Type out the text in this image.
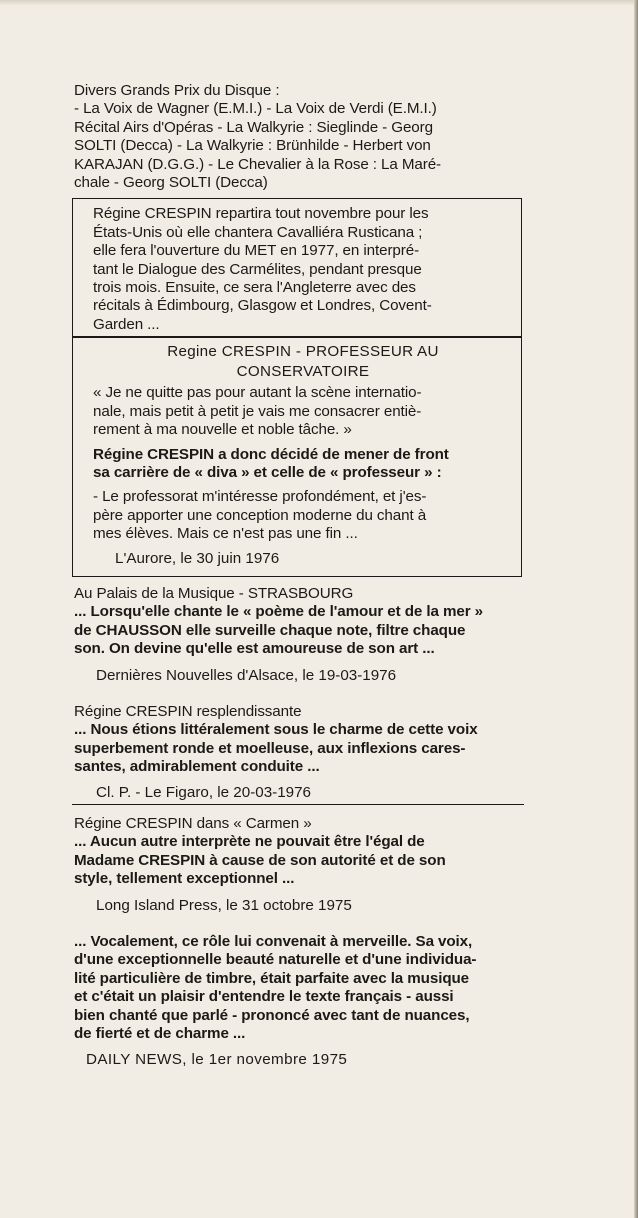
Divers Grands Prix du Disque :

- La Voix de Wagner (E.M.I.) - La Voix de Verdi (E.M.I.)

Récital Airs d'Opéras - La Walkyrie : Sieglinde - Georg

SOLTI (Decca) - La Walkyrie : Brünhilde - Herbert von

KARAJAN (D.G.G.) - Le Chevalier à la Rose : La Maré-

chale - Georg SOLTI (Decca)

Régine CRESPIN repartira tout novembre pour les

États-Unis où elle chantera Cavalliéra Rusticana ;

elle fera l'ouverture du MET en 1977, en interpré-

tant le Dialogue des Carmélites, pendant presque

trois mois. Ensuite, ce sera l'Angleterre avec des

récitals à Édimbourg, Glasgow et Londres, Covent-

Garden ...

Regine CRESPIN - PROFESSEUR AU

CONSERVATOIRE

« Je ne quitte pas pour autant la scène internatio-

nale, mais petit à petit je vais me consacrer entiè-

rement à ma nouvelle et noble tâche. »

Régine CRESPIN a donc décidé de mener de front

sa carrière de « diva » et celle de « professeur » :

- Le professorat m'intéresse profondément, et j'es-

père apporter une conception moderne du chant à

mes élèves. Mais ce n'est pas une fin ...

L'Aurore, le 30 juin 1976

Au Palais de la Musique - STRASBOURG

... Lorsqu'elle chante le « poème de l'amour et de la mer »

de CHAUSSON elle surveille chaque note, filtre chaque

son. On devine qu'elle est amoureuse de son art ...

Dernières Nouvelles d'Alsace, le 19-03-1976

Régine CRESPIN resplendissante

... Nous étions littéralement sous le charme de cette voix

superbement ronde et moelleuse, aux inflexions cares-

santes, admirablement conduite ...

Cl. P. - Le Figaro, le 20-03-1976

Régine CRESPIN dans « Carmen »

... Aucun autre interprète ne pouvait être l'égal de

Madame CRESPIN à cause de son autorité et de son

style, tellement exceptionnel ...

Long Island Press, le 31 octobre 1975

... Vocalement, ce rôle lui convenait à merveille. Sa voix,

d'une exceptionnelle beauté naturelle et d'une individua-

lité particulière de timbre, était parfaite avec la musique

et c'était un plaisir d'entendre le texte français - aussi

bien chanté que parlé - prononcé avec tant de nuances,

de fierté et de charme ...

DAILY NEWS, le 1er novembre 1975
